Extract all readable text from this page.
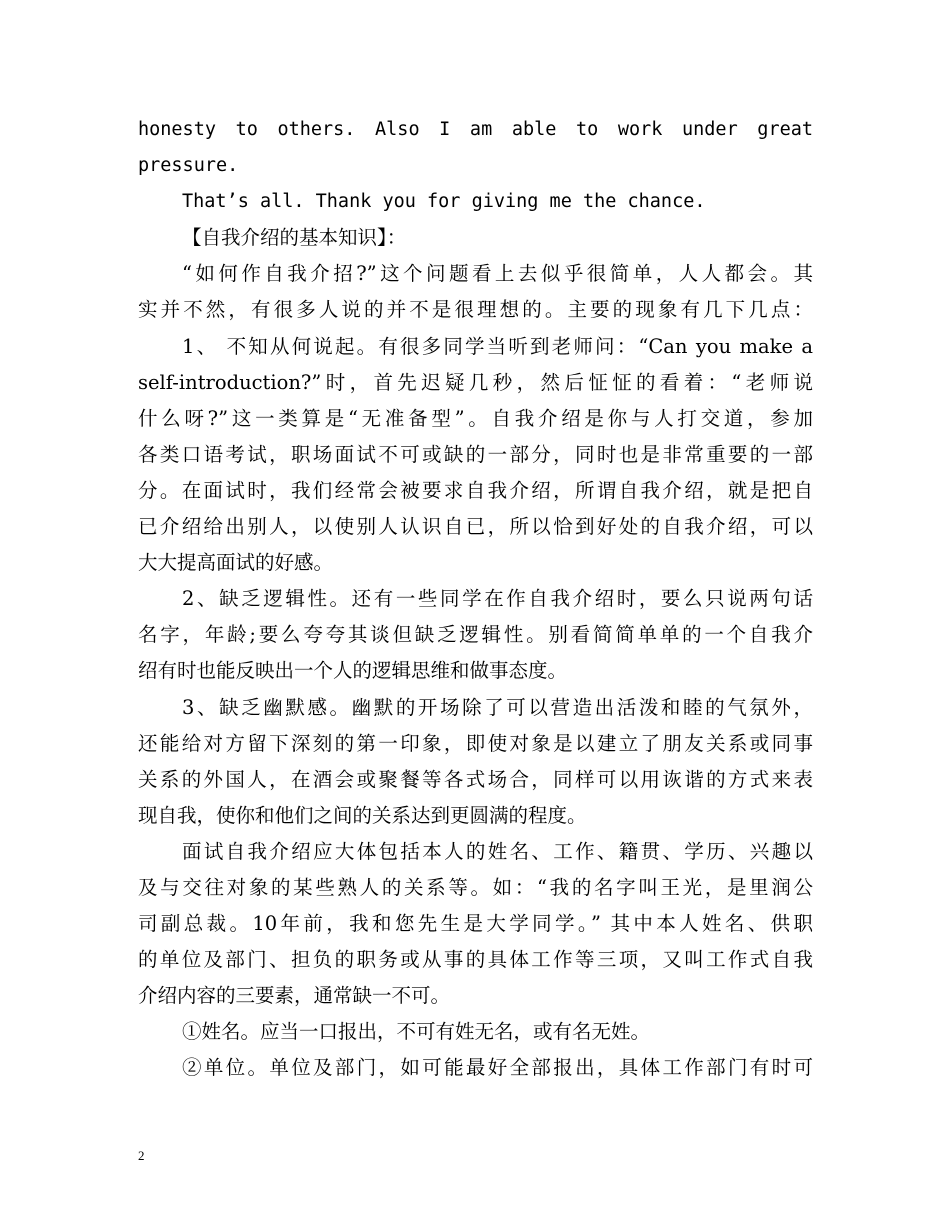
honesty to others. Also I am able to work under great
pressure.
That’s all. Thank you for giving me the chance.
【自我介绍的基本知识】：
“如何作自我介招?”这个问题看上去似乎很简单，人人都会。其
实并不然，有很多人说的并不是很理想的。主要的现象有几下几点：
1、 不知从何说起。有很多同学当听到老师问：“Can you make a
self-introduction?”时，首先迟疑几秒，然后怔怔的看着：“老师说
什么呀?”这一类算是“无准备型”。自我介绍是你与人打交道，参加
各类口语考试，职场面试不可或缺的一部分，同时也是非常重要的一部
分。在面试时，我们经常会被要求自我介绍，所谓自我介绍，就是把自
已介绍给出别人，以使别人认识自已，所以恰到好处的自我介绍，可以
大大提高面试的好感。
2、缺乏逻辑性。还有一些同学在作自我介绍时，要么只说两句话
名字，年龄;要么夸夸其谈但缺乏逻辑性。别看简简单单的一个自我介
绍有时也能反映出一个人的逻辑思维和做事态度。
3、缺乏幽默感。幽默的开场除了可以营造出活泼和睦的气氛外，
还能给对方留下深刻的第一印象，即使对象是以建立了朋友关系或同事
关系的外国人，在酒会或聚餐等各式场合，同样可以用诙谐的方式来表
现自我，使你和他们之间的关系达到更圆满的程度。
面试自我介绍应大体包括本人的姓名、工作、籍贯、学历、兴趣以
及与交往对象的某些熟人的关系等。如：“我的名字叫王光，是里润公
司副总裁。10年前，我和您先生是大学同学。” 其中本人姓名、供职
的单位及部门、担负的职务或从事的具体工作等三项，又叫工作式自我
介绍内容的三要素，通常缺一不可。
①姓名。应当一口报出，不可有姓无名，或有名无姓。
②单位。单位及部门，如可能最好全部报出，具体工作部门有时可
2
